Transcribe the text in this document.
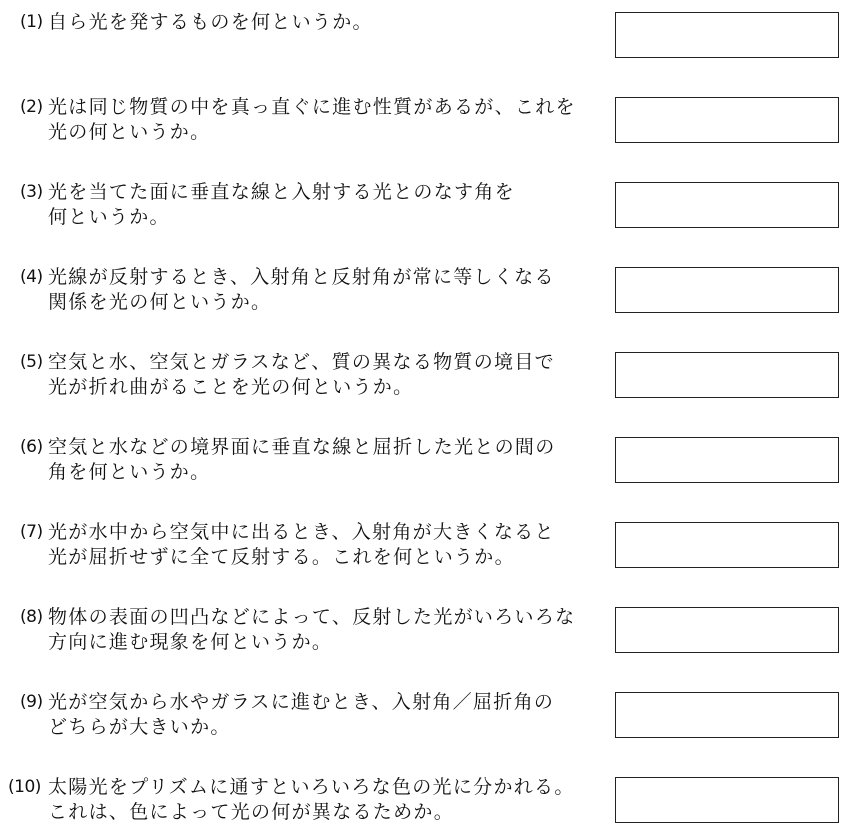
(1) 自ら光を発するものを何というか。
(2) 光は同じ物質の中を真っ直ぐに進む性質があるが、これを
光の何というか。
(3) 光を当てた面に垂直な線と入射する光とのなす角を
何というか。
(4) 光線が反射するとき、入射角と反射角が常に等しくなる
関係を光の何というか。
(5) 空気と水、空気とガラスなど、質の異なる物質の境目で
光が折れ曲がることを光の何というか。
(6) 空気と水などの境界面に垂直な線と屈折した光との間の
角を何というか。
(7) 光が水中から空気中に出るとき、入射角が大きくなると
光が屈折せずに全て反射する。これを何というか。
(8) 物体の表面の凹凸などによって、反射した光がいろいろな
方向に進む現象を何というか。
(9) 光が空気から水やガラスに進むとき、入射角／屈折角の
どちらが大きいか。
(10) 太陽光をプリズムに通すといろいろな色の光に分かれる。
これは、色によって光の何が異なるためか。
